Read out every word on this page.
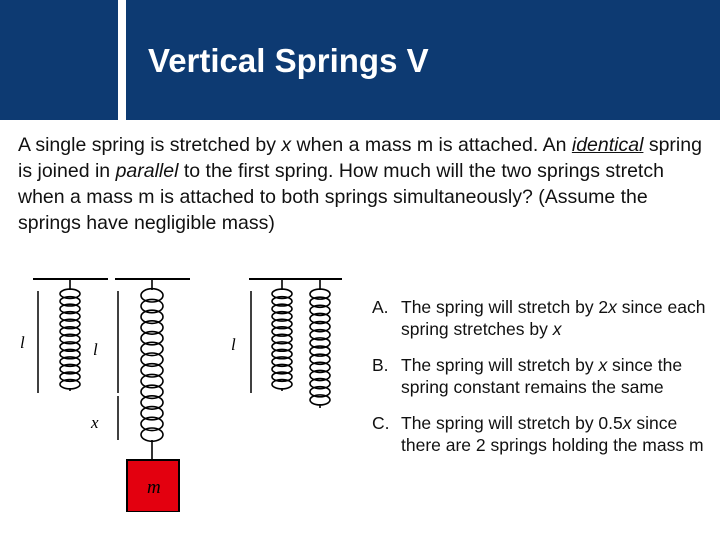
Vertical Springs V
A single spring is stretched by x when a mass m is attached. An identical spring is joined in parallel to the first spring. How much will the two springs stretch when a mass m is attached to both springs simultaneously? (Assume the springs have negligible mass)
l	l
x
m
l
A. The spring will stretch by 2x since each spring stretches by x
B. The spring will stretch by x since the spring constant remains the same
C. The spring will stretch by 0.5x since there are 2 springs holding the mass m
